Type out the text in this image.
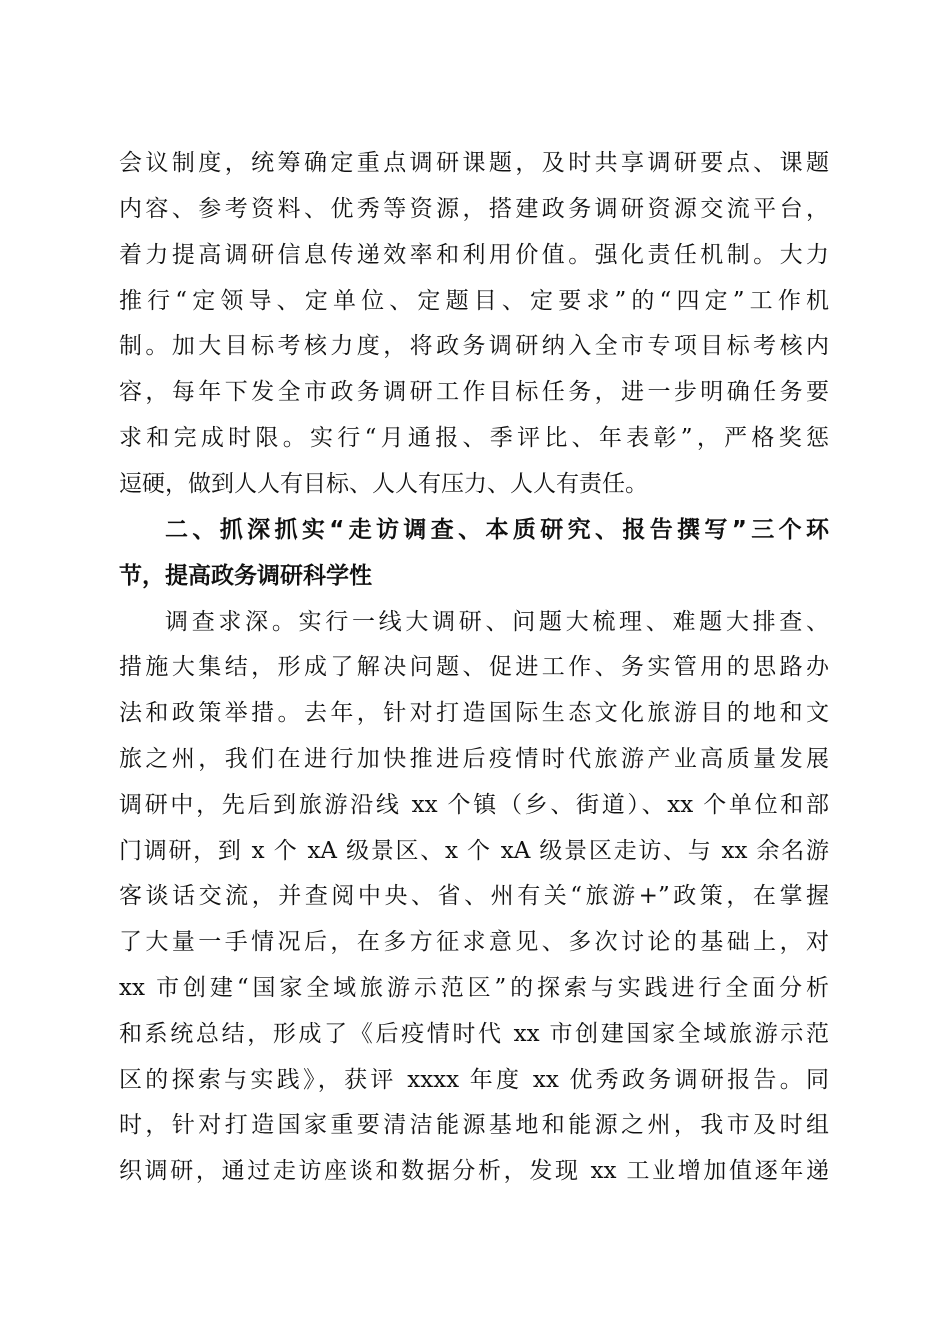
会议制度，统筹确定重点调研课题，及时共享调研要点、课题
内容、参考资料、优秀等资源，搭建政务调研资源交流平台，
着力提高调研信息传递效率和利用价值。强化责任机制。大力
推行“定领导、定单位、定题目、定要求”的“四定”工作机
制。加大目标考核力度，将政务调研纳入全市专项目标考核内
容，每年下发全市政务调研工作目标任务，进一步明确任务要
求和完成时限。实行“月通报、季评比、年表彰”，严格奖惩
逗硬，做到人人有目标、人人有压力、人人有责任。
二、抓深抓实“走访调查、本质研究、报告撰写”三个环
节，提高政务调研科学性
调查求深。实行一线大调研、问题大梳理、难题大排查、
措施大集结，形成了解决问题、促进工作、务实管用的思路办
法和政策举措。去年，针对打造国际生态文化旅游目的地和文
旅之州，我们在进行加快推进后疫情时代旅游产业高质量发展
调研中，先后到旅游沿线 xx 个镇（乡、街道）、xx 个单位和部
门调研，到 x 个 xA 级景区、x 个 xA 级景区走访、与 xx 余名游
客谈话交流，并查阅中央、省、州有关“旅游+”政策，在掌握
了大量一手情况后，在多方征求意见、多次讨论的基础上，对
xx 市创建“国家全域旅游示范区”的探索与实践进行全面分析
和系统总结，形成了《后疫情时代 xx 市创建国家全域旅游示范
区的探索与实践》，获评 xxxx 年度 xx 优秀政务调研报告。同
时，针对打造国家重要清洁能源基地和能源之州，我市及时组
织调研，通过走访座谈和数据分析，发现 xx 工业增加值逐年递
